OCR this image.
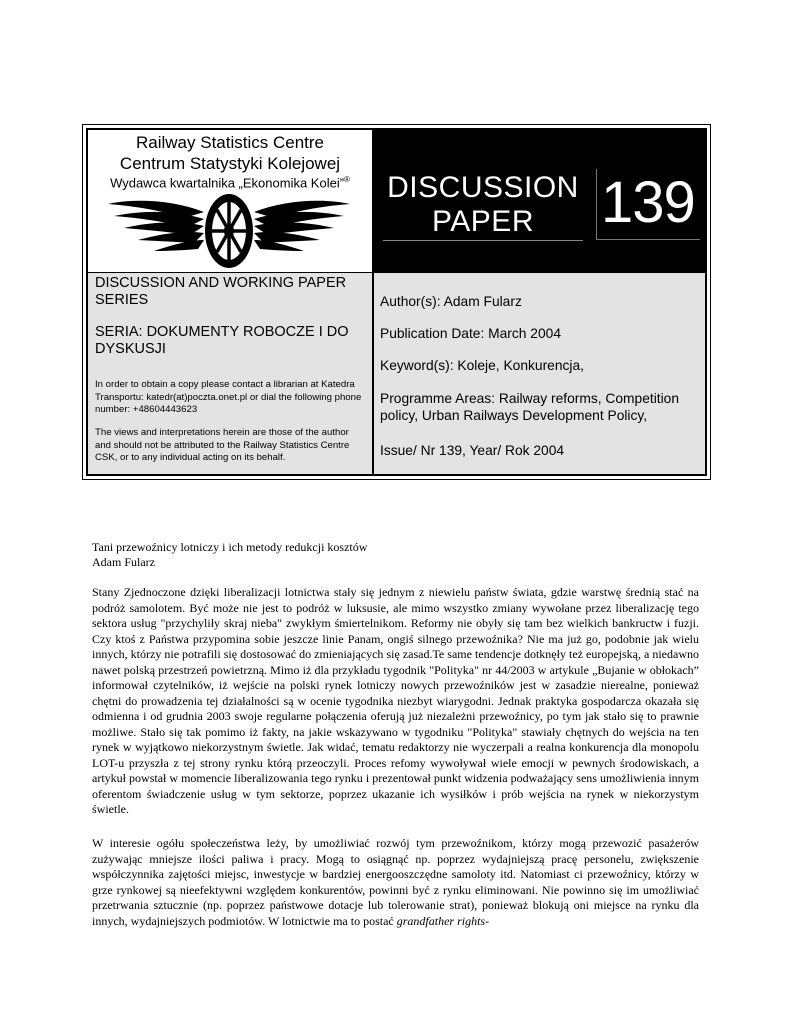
Railway Statistics Centre
Centrum Statystyki Kolejowej
Wydawca kwartalnika „Ekonomika Kolei”®	DISCUSSION
PAPER	139
DISCUSSION AND WORKING PAPER SERIES
SERIA: DOKUMENTY ROBOCZE I DO DYSKUSJI
In order to obtain a copy please contact a librarian at Katedra Transportu: katedr(at)poczta.onet.pl or dial the following phone number: +48604443623
The views and interpretations herein are those of the author and should not be attributed to the Railway Statistics Centre CSK, or to any individual acting on its behalf.
Author(s): Adam Fularz
Publication Date: March 2004
Keyword(s): Koleje, Konkurencja,
Programme Areas: Railway reforms, Competition policy, Urban Railways Development Policy,
Issue/ Nr 139, Year/ Rok 2004
Tani przewoźnicy lotniczy i ich metody redukcji kosztów
Adam Fularz

Stany Zjednoczone dzięki liberalizacji lotnictwa stały się jednym z niewielu państw świata, gdzie warstwę średnią stać na podróż samolotem. Być może nie jest to podróż w luksusie, ale mimo wszystko zmiany wywołane przez liberalizację tego sektora usług "przychyliły skraj nieba" zwykłym śmiertelnikom. Reformy nie obyły się tam bez wielkich bankructw i fuzji. Czy ktoś z Państwa przypomina sobie jeszcze linie Panam, ongiś silnego przewoźnika? Nie ma już go, podobnie jak wielu innych, którzy nie potrafili się dostosować do zmieniających się zasad.Te same tendencje dotknęły też europejską, a niedawno nawet polską przestrzeń powietrzną. Mimo iż dla przykładu tygodnik "Polityka" nr 44/2003 w artykule „Bujanie w obłokach” informował czytelników, iż wejście na polski rynek lotniczy nowych przewoźników jest w zasadzie nierealne, ponieważ chętni do prowadzenia tej działalności są w ocenie tygodnika niezbyt wiarygodni. Jednak praktyka gospodarcza okazała się odmienna i od grudnia 2003 swoje regularne połączenia oferują już niezależni przewoźnicy, po tym jak stało się to prawnie możliwe. Stało się tak pomimo iż fakty, na jakie wskazywano w tygodniku "Polityka" stawiały chętnych do wejścia na ten rynek w wyjątkowo niekorzystnym świetle. Jak widać, tematu redaktorzy nie wyczerpali a realna konkurencja dla monopolu LOT-u przyszła z tej strony rynku którą przeoczyli. Proces refomy wywoływał wiele emocji w pewnych środowiskach, a artykuł powstał w momencie liberalizowania tego rynku i prezentował punkt widzenia podważający sens umożliwienia innym oferentom świadczenie usług w tym sektorze, poprzez ukazanie ich wysiłków i prób wejścia na rynek w niekorzystym świetle.

W interesie ogółu społeczeństwa leży, by umożliwiać rozwój tym przewoźnikom, którzy mogą przewozić pasażerów zużywając mniejsze ilości paliwa i pracy. Mogą to osiągnąć np. poprzez wydajniejszą pracę personelu, zwiększenie współczynnika zajętości miejsc, inwestycje w bardziej energooszczędne samoloty itd. Natomiast ci przewoźnicy, którzy w grze rynkowej są nieefektywni względem konkurentów, powinni być z rynku eliminowani. Nie powinno się im umożliwiać przetrwania sztucznie (np. poprzez państwowe dotacje lub tolerowanie strat), ponieważ blokują oni miejsce na rynku dla innych, wydajniejszych podmiotów. W lotnictwie ma to postać grandfather rights-
